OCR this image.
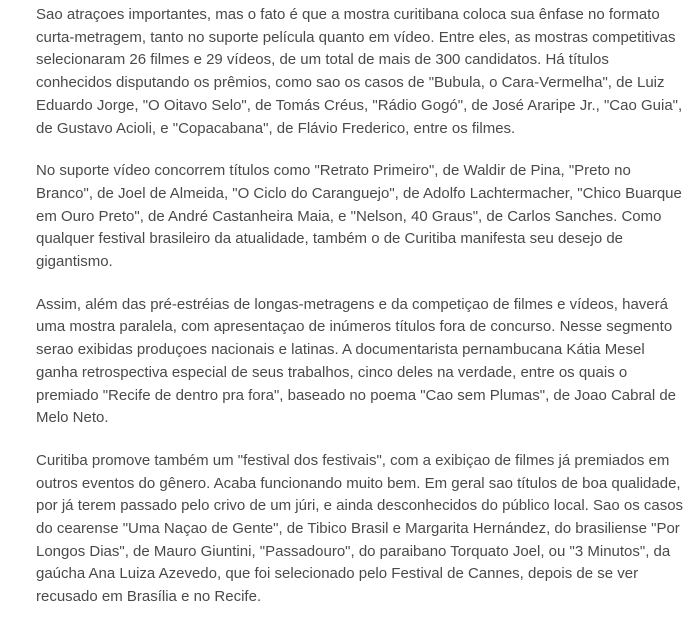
Sao atraçoes importantes, mas o fato é que a mostra curitibana coloca sua ênfase no formato
curta-metragem, tanto no suporte película quanto em vídeo. Entre eles, as mostras competitivas
selecionaram 26 filmes e 29 vídeos, de um total de mais de 300 candidatos. Há títulos
conhecidos disputando os prêmios, como sao os casos de "Bubula, o Cara-Vermelha", de Luiz
Eduardo Jorge, "O Oitavo Selo", de Tomás Créus, "Rádio Gogó", de José Araripe Jr., "Cao Guia",
de Gustavo Acioli, e "Copacabana", de Flávio Frederico, entre os filmes.

No suporte vídeo concorrem títulos como "Retrato Primeiro", de Waldir de Pina, "Preto no
Branco", de Joel de Almeida, "O Ciclo do Caranguejo", de Adolfo Lachtermacher, "Chico Buarque
em Ouro Preto", de André Castanheira Maia, e "Nelson, 40 Graus", de Carlos Sanches. Como
qualquer festival brasileiro da atualidade, também o de Curitiba manifesta seu desejo de
gigantismo.

Assim, além das pré-estréias de longas-metragens e da competiçao de filmes e vídeos, haverá
uma mostra paralela, com apresentaçao de inúmeros títulos fora de concurso. Nesse segmento
serao exibidas produçoes nacionais e latinas. A documentarista pernambucana Kátia Mesel
ganha retrospectiva especial de seus trabalhos, cinco deles na verdade, entre os quais o
premiado "Recife de dentro pra fora", baseado no poema "Cao sem Plumas", de Joao Cabral de
Melo Neto.

Curitiba promove também um "festival dos festivais", com a exibiçao de filmes já premiados em
outros eventos do gênero. Acaba funcionando muito bem. Em geral sao títulos de boa qualidade,
por já terem passado pelo crivo de um júri, e ainda desconhecidos do público local. Sao os casos
do cearense "Uma Naçao de Gente", de Tibico Brasil e Margarita Hernández, do brasiliense "Por
Longos Dias", de Mauro Giuntini, "Passadouro", do paraibano Torquato Joel, ou "3 Minutos", da
gaúcha Ana Luiza Azevedo, que foi selecionado pelo Festival de Cannes, depois de se ver
recusado em Brasília e no Recife.
